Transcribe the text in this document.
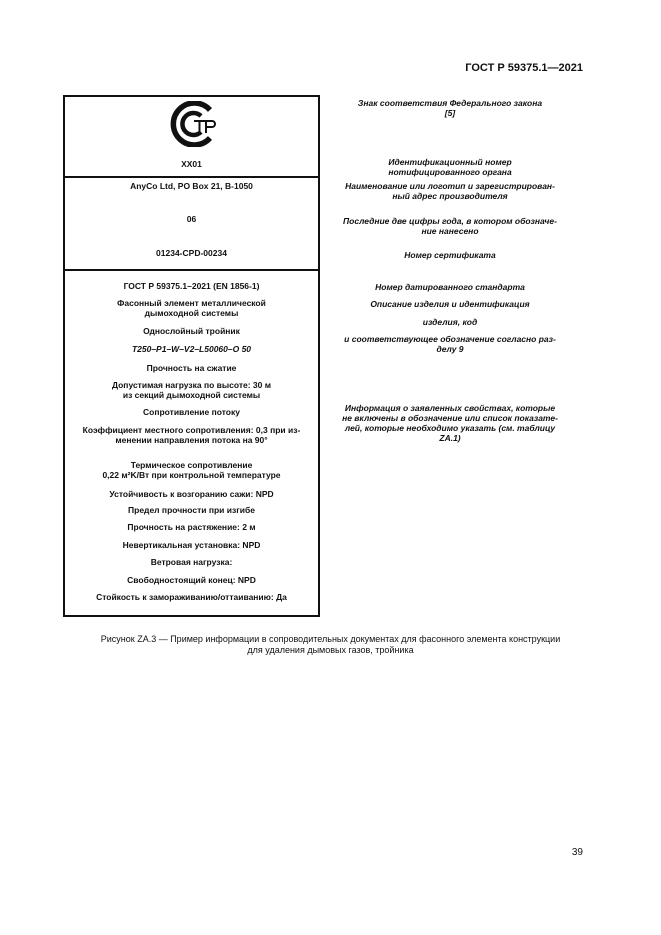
ГОСТ Р 59375.1—2021
XX01
AnyCo Ltd, PO Box 21, B-1050
06
01234-CPD-00234
ГОСТ Р 59375.1–2021 (EN 1856-1)
Фасонный элемент металлической
дымоходной системы
Однослойный тройник
T250–P1–W–V2–L50060–O 50
Прочность на сжатие
Допустимая нагрузка по высоте: 30 м
из секций дымоходной системы
Сопротивление потоку
Коэффициент местного сопротивления: 0,3 при из-
менении направления потока на 90°
Термическое сопротивление
0,22 м²K/Вт при контрольной температуре
Устойчивость к возгоранию сажи: NPD
Предел прочности при изгибе
Прочность на растяжение: 2 м
Невертикальная установка: NPD
Ветровая нагрузка:
Свободностоящий конец: NPD
Стойкость к замораживанию/оттаиванию: Да
Знак соответствия Федерального закона
[5]
Идентификационный номер
нотифицированного органа
Наименование или логотип и зарегистрирован-
ный адрес производителя
Последние две цифры года, в котором обозначе-
ние нанесено
Номер сертификата
Номер датированного стандарта
Описание изделия и идентификация
изделия, код
и соответствующее обозначение согласно раз-
делу 9
Информация о заявленных свойствах, которые
не включены в обозначение или список показате-
лей, которые необходимо указать (см. таблицу
ZA.1)
Рисунок ZA.3 — Пример информации в сопроводительных документах для фасонного элемента конструкции
для удаления дымовых газов, тройника
39
